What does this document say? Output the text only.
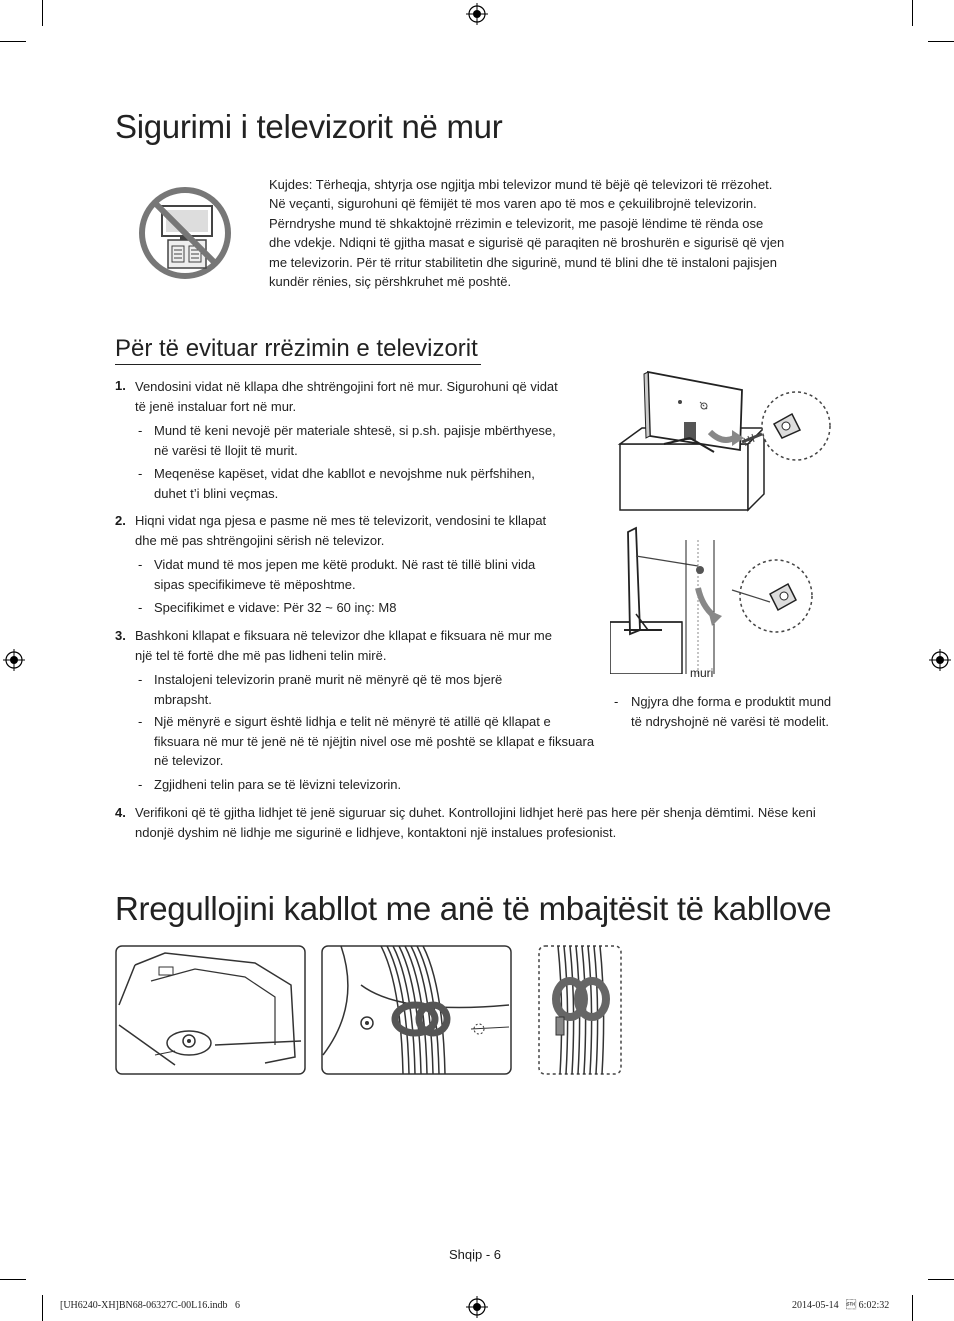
Sigurimi i televizorit në mur
Kujdes: Tërheqja, shtyrja ose ngjitja mbi televizor mund të bëjë që televizori të rrëzohet.
Në veçanti, sigurohuni që fëmijët të mos varen apo të mos e çekuilibrojnë televizorin.
Përndryshe mund të shkaktojnë rrëzimin e televizorit, me pasojë lëndime të rënda ose
dhe vdekje. Ndiqni të gjitha masat e sigurisë që paraqiten në broshurën e sigurisë që vjen
me televizorin. Për të rritur stabilitetin dhe sigurinë, mund të blini dhe të instaloni pajisjen
kundër rënies, siç përshkruhet më poshtë.
Për të evituar rrëzimin e televizorit
1. Vendosini vidat në kllapa dhe shtrëngojini fort në mur. Sigurohuni që vidat
të jenë instaluar fort në mur.
- Mund të keni nevojë për materiale shtesë, si p.sh. pajisje mbërthyese,
në varësi të llojit të murit.
- Meqenëse kapëset, vidat dhe kabllot e nevojshme nuk përfshihen,
duhet t’i blini veçmas.
2. Hiqni vidat nga pjesa e pasme në mes të televizorit, vendosini te kllapat
dhe më pas shtrëngojini sërish në televizor.
- Vidat mund të mos jepen me këtë produkt. Në rast të tillë blini vida
sipas specifikimeve të mëposhtme.
- Specifikimet e vidave: Për 32 ~ 60 inç: M8
3. Bashkoni kllapat e fiksuara në televizor dhe kllapat e fiksuara në mur me
një tel të fortë dhe më pas lidheni telin mirë.
- Instalojeni televizorin pranë murit në mënyrë që të mos bjerë
mbrapsht.
- Një mënyrë e sigurt është lidhja e telit në mënyrë të atillë që kllapat e
fiksuara në mur të jenë në të njëjtin nivel ose më poshtë se kllapat e fiksuara
në televizor.
- Zgjidheni telin para se të lëvizni televizorin.
4. Verifikoni që të gjitha lidhjet të jenë siguruar siç duhet. Kontrollojini lidhjet herë pas here për shenja dëmtimi. Nëse keni
ndonjë dyshim në lidhje me sigurinë e lidhjeve, kontaktoni një instalues profesionist.
muri
- Ngjyra dhe forma e produktit mund
të ndryshojnë në varësi të modelit.
Rregullojini kabllot me anë të mbajtësit të kabllove
Shqip - 6
[UH6240-XH]BN68-06327C-00L16.indb   6	2014-05-14    6:02:32
